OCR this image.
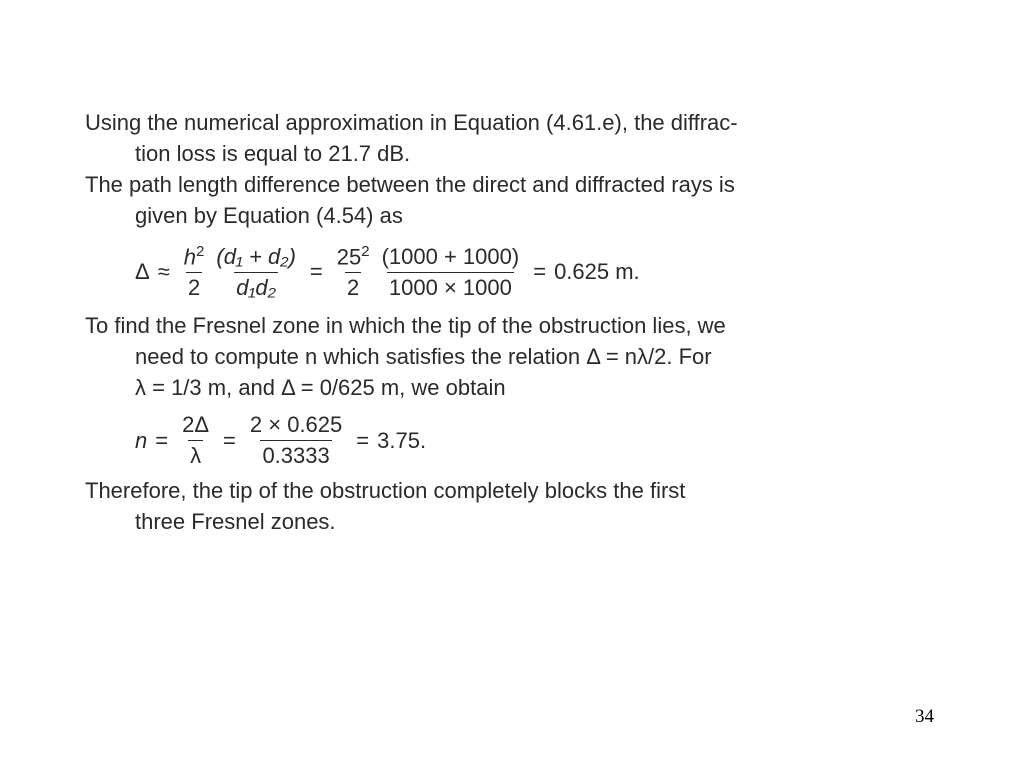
Using the numerical approximation in Equation (4.61.e), the diffrac-
tion loss is equal to 21.7 dB.
The path length difference between the direct and diffracted rays is
given by Equation (4.54) as
$\Delta \approx \frac{h^2}{2} \frac{\text{(d₁ + d₂)}}{\text{d₁d₂}} = \frac{25^2}{2} \frac{(1000 + 1000)}{1000 \times 1000} = 0.625$ m.
To find the Fresnel zone in which the tip of the obstruction lies, we
need to compute n which satisfies the relation Δ = nλ/2. For
λ = 1/3 m, and Δ = 0/625 m, we obtain
$n = \frac{2\Delta}{\lambda} = \frac{2 \times 0.625}{0.3333} = 3.75$.
Therefore, the tip of the obstruction completely blocks the first
three Fresnel zones.
34
